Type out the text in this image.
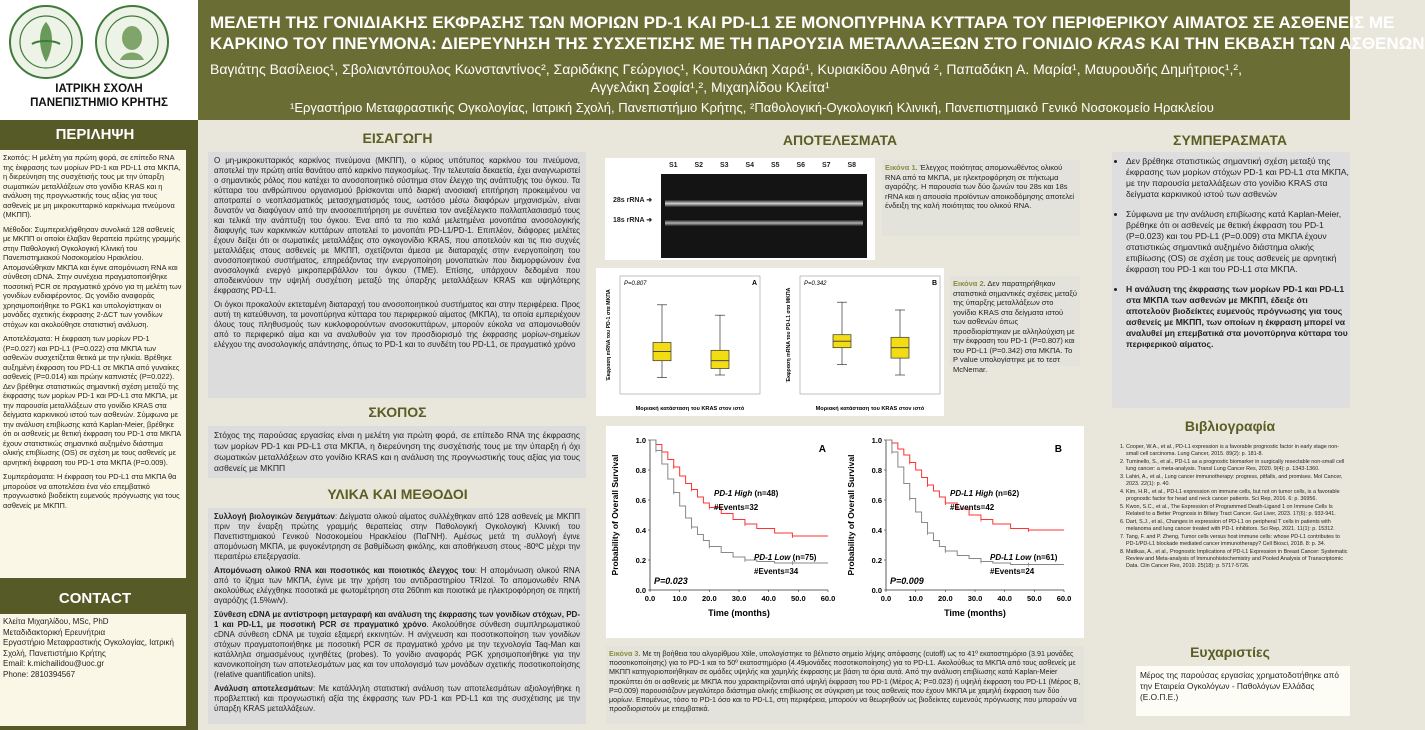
ΙΑΤΡΙΚΗ ΣΧΟΛΗ
ΠΑΝΕΠΙΣΤΗΜΙΟ ΚΡΗΤΗΣ
ΜΕΛΕΤΗ ΤΗΣ ΓΟΝΙΔΙΑΚΗΣ ΕΚΦΡΑΣΗΣ ΤΩΝ ΜΟΡΙΩΝ PD-1 ΚΑΙ PD-L1 ΣΕ ΜΟΝΟΠΥΡΗΝΑ ΚΥΤΤΑΡΑ ΤΟΥ ΠΕΡΙΦΕΡΙΚΟΥ ΑΙΜΑΤΟΣ ΣΕ ΑΣΘΕΝΕΙΣ ΜΕ
ΚΑΡΚΙΝΟ ΤΟΥ ΠΝΕΥΜΟΝΑ: ΔΙΕΡΕΥΝΗΣΗ ΤΗΣ ΣΥΣΧΕΤΙΣΗΣ ΜΕ ΤΗ ΠΑΡΟΥΣΙΑ ΜΕΤΑΛΛΑΞΕΩΝ ΣΤΟ ΓΟΝΙΔΙΟ KRAS ΚΑΙ ΤΗΝ ΕΚΒΑΣΗ ΤΩΝ ΑΣΘΕΝΩΝ
Βαγιάτης Βασίλειος¹, Σβολιαντόπουλος Κωνσταντίνος², Σαριδάκης Γεώργιος¹, Κουτουλάκη Χαρά¹, Κυριακίδου Αθηνά ², Παπαδάκη Α. Μαρία¹, Μαυρουδής Δημήτριος¹,²,
Αγγελάκη Σοφία¹,², Μιχαηλίδου Κλείτα¹
¹Εργαστήριο Μεταφραστικής Ογκολογίας, Ιατρική Σχολή, Πανεπιστήμιο Κρήτης, ²Παθολογική-Ογκολογική Κλινική, Πανεπιστημιακό Γενικό Νοσοκομείο Ηρακλείου
ΠΕΡΙΛΗΨΗ

Σκοπός: Η μελέτη για πρώτη φορά, σε επίπεδο RNA της έκφρασης των μορίων PD-1 και PD-L1 στα ΜΚΠΑ, η διερεύνηση της συσχέτισής τους με την ύπαρξη σωματικών μεταλλάξεων στο γονίδιο KRAS και η ανάλυση της προγνωστικής τους αξίας για τους ασθενείς με μη μικροκυτταρικό καρκίνωμα πνεύμονα (ΜΚΠΠ).

Μέθοδοι: Συμπεριελήφθησαν συνολικά 128 ασθενείς με ΜΚΠΠ οι οποίοι έλαβαν θεραπεία πρώτης γραμμής στην Παθολογική Ογκολογική Κλινική του Πανεπιστημιακού Νοσοκομείου Ηρακλείου. Απομονώθηκαν ΜΚΠΑ και έγινε απομόνωση RNA και σύνθεση cDNA. Στην συνέχεια πραγματοποιήθηκε ποσοτική PCR σε πραγματικό χρόνο για τη μελέτη των γονιδίων ενδιαφέροντος. Ως γονίδιο αναφοράς χρησιμοποιήθηκε το PGK1 και υπολογίστηκαν οι μονάδες σχετικής έκφρασης 2-ΔCT των γονιδίων στόχων και ακολούθησε στατιστική ανάλυση.

Αποτελέσματα: Η έκφραση των μορίων PD-1 (P=0.027) και PD-L1 (P=0.022) στα ΜΚΠΑ των ασθενών συσχετίζεται θετικά με την ηλικία. Βρέθηκε αυξημένη έκφραση του PD-L1 σε ΜΚΠΑ από γυναίκες ασθενείς (P=0.014) και πρώην καπνιστές (P=0.022). Δεν βρέθηκε στατιστικώς σημαντική σχέση μεταξύ της έκφρασης των μορίων PD-1 και PD-L1 στα ΜΚΠΑ, με την παρουσία μεταλλάξεων στο γονίδιο KRAS στα δείγματα καρκινικού ιστού των ασθενών. Σύμφωνα με την ανάλυση επιβίωσης κατά Kaplan-Meier, βρέθηκε ότι οι ασθενείς με θετική έκφραση του PD-1 στα ΜΚΠΑ έχουν στατιστικώς σημαντικά αυξημένο διάστημα ολικής επιβίωσης (OS) σε σχέση με τους ασθενείς με αρνητική έκφραση του PD-1 στα ΜΚΠΑ (P=0.009).

Συμπεράσματα: Η έκφραση του PD-L1 στα ΜΚΠΑ θα μπορούσε να αποτελέσει ένα νέο επεμβατικό προγνωστικό βιοδείκτη ευμενούς πρόγνωσης για τους ασθενείς με ΜΚΠΠ.

CONTACT
Κλείτα Μιχαηλίδου, MSc, PhD
Μεταδιδακτορική Ερευνήτρια
Εργαστήριο Μεταφραστικής Ογκολογίας, Ιατρική Σχολή, Πανεπιστήμιο Κρήτης
Email: k.michailidou@uoc.gr
Phone: 2810394567
ΕΙΣΑΓΩΓΗ

Ο μη-μικροκυτταρικός καρκίνος πνεύμονα (ΜΚΠΠ), ο κύριος υπότυπος καρκίνου του πνεύμονα, αποτελεί την πρώτη αιτία θανάτου από καρκίνο παγκοσμίως. Την τελευταία δεκαετία, έχει αναγνωριστεί ο σημαντικός ρόλος που κατέχει το ανοσοποιητικό σύστημα στον έλεγχο της ανάπτυξης του όγκου. Τα κύτταρα του ανθρώπινου οργανισμού βρίσκονται υπό διαρκή ανοσιακή επιτήρηση προκειμένου να αποτραπεί ο νεοπλασματικός μετασχηματισμός τους, ωστόσο μέσω διαφόρων μηχανισμών, είναι δυνατόν να διαφύγουν από την ανοσοεπιτήρηση με συνέπεια τον ανεξέλεγκτο πολλαπλασιασμό τους και τελικά την ανάπτυξη του όγκου. Ένα από τα πιο καλά μελετημένα μονοπάτια ανοσολογικής διαφυγής των καρκινικών κυττάρων αποτελεί το μονοπάτι PD-L1/PD-1. Επιπλέον, διάφορες μελέτες έχουν δείξει ότι οι σωματικές μεταλλάξεις στο ογκογονίδιο KRAS, που αποτελούν και τις πιο συχνές μεταλλάξεις στους ασθενείς με ΜΚΠΠ, σχετίζονται άμεσα με διαταραχές στην ενεργοποίηση του ανοσοποιητικού συστήματος, επηρεάζοντας την ενεργοποίηση μονοπατιών που διαμορφώνουν ένα ανοσολογικά ενεργό μικροπεριβάλλον του όγκου (TME). Επίσης, υπάρχουν δεδομένα που αποδεικνύουν την υψηλή συσχέτιση μεταξύ της ύπαρξης μεταλλάξεων KRAS και υψηλότερης έκφρασης PD-L1.

Οι όγκοι προκαλούν εκτεταμένη διαταραχή του ανοσοποιητικού συστήματος και στην περιφέρεια. Προς αυτή τη κατεύθυνση, τα μονοπύρηνα κύτταρα του περιφερικού αίματος (ΜΚΠΑ), τα οποία εμπεριέχουν όλους τους πληθυσμούς των κυκλοφορούντων ανοσοκυττάρων, μπορούν εύκολα να απομονωθούν από το περιφερικό αίμα και να αναλυθούν για τον προσδιορισμό της έκφρασης μορίων-σημείων ελέγχου της ανοσολογικής απάντησης, όπως το PD-1 και το συνδέτη του PD-L1, σε πραγματικό χρόνο

ΣΚΟΠΟΣ
Στόχος της παρούσας εργασίας είναι η μελέτη για πρώτη φορά, σε επίπεδο RNA της έκφρασης των μορίων PD-1 και PD-L1 στα ΜΚΠΑ, η διερεύνηση της συσχέτισής τους με την ύπαρξη ή όχι σωματικών μεταλλάξεων στο γονίδιο KRAS και η ανάλυση της προγνωστικής τους αξίας για τους ασθενείς με ΜΚΠΠ
ΥΛΙΚΑ ΚΑΙ ΜΕΘΟΔΟΙ

Συλλογή βιολογικών δειγμάτων: Δείγματα ολικού αίματος συλλέχθηκαν από 128 ασθενείς με ΜΚΠΠ πριν την έναρξη πρώτης γραμμής θεραπείας στην Παθολογική Ογκολογική Κλινική του Πανεπιστημιακού Γενικού Νοσοκομείου Ηρακλείου (ΠαΓΝΗ). Αμέσως μετά τη συλλογή έγινε απομόνωση ΜΚΠΑ, με φυγοκέντρηση σε βαθμίδωση φικόλης, και αποθήκευση στους -80ºC μέχρι την περαιτέρω επεξεργασία.

Απομόνωση ολικού RNA και ποσοτικός και ποιοτικός έλεγχος του: Η απομόνωση ολικού RNA από το ίζημα των ΜΚΠΑ, έγινε με την χρήση του αντιδραστηρίου TRIzol. Το απομονωθέν RNA ακολούθως ελέγχθηκε ποσοτικά με φωτομέτρηση στα 260nm και ποιοτικά με ηλεκτροφόρηση σε πηκτή αγαρόζης (1.5%w/v).

Σύνθεση cDNA με αντίστροφη μεταγραφή και ανάλυση της έκφρασης των γονιδίων στόχων, PD-1 και PD-L1, με ποσοτική PCR σε πραγματικό χρόνο. Ακολούθησε σύνθεση συμπληρωματικού cDNA σύνθεση cDNA με τυχαία εξαμερή εκκινητών. Η ανίχνευση και ποσοτικοποίηση των γονιδίων στόχων πραγματοποιήθηκε με ποσοτική PCR σε πραγματικό χρόνο με την τεχνολογία Taq-Man και κατάλληλα σημασμένους ιχνηθέτες (probes). Το γονίδιο αναφοράς PGK χρησιμοποιήθηκε για την κανονικοποίηση των αποτελεσμάτων μας και τον υπολογισμό των μονάδων σχετικής ποσοτικοποίησης (relative quantification units).

Ανάλυση αποτελεσμάτων: Με κατάλληλη στατιστική ανάλυση των αποτελεσμάτων αξιολογήθηκε η προβλεπτική και προγνωστική αξία της έκφρασης των PD-1 και PD-L1 και της συσχέτισης με την ύπαρξη KRAS μεταλλάξεων.

ΑΠΟΤΕΛΕΣΜΑΤΑ
S1 S2 S3 S4 S5 S6 S7 S8
28s rRNA ➜
18s rRNA ➜
Εικόνα 1. Έλεγχος ποιότητας απομονωθέντος ολικού RNA από τα ΜΚΠΑ, με ηλεκτροφόρηση σε πήκτωμα αγαρόζης. Η παρουσία των δύο ζωνών του 28s και 18s rRNA και η απουσία προϊόντων αποικοδόμησης αποτελεί ένδειξη της καλή ποιότητας του ολικού RNA.
P=0.807	A
Έκφραση mRNA του PD-1 στα ΜΚΠΑ
Μοριακή κατάσταση του KRAS στον ιστό
P=0.342	B
Έκφραση mRNA του PD-L1 στα ΜΚΠΑ
Μοριακή κατάσταση του KRAS στον ιστό
Εικόνα 2. Δεν παρατηρήθηκαν στατιστικά σημαντικές σχέσεις μεταξύ της ύπαρξης μεταλλάξεων στο γονίδιο KRAS στα δείγματα ιστού των ασθενών όπως προσδιορίστηκαν με αλληλούχιση με την έκφραση του PD-1 (P=0.807) και του PD-L1 (P=0.342) στα ΜΚΠΑ. Το P value υπολογίστηκε με το τεστ McNemar.
A
0.0
0.2
0.4
0.6
0.8
1.0
0.0 10.0 20.0 30.0 40.0 50.0 60.0
Time (months)
Probability of Overall Survival
P=0.023
PD-1 High (n=48)
#Events=32
PD-1 Low (n=75)
#Events=34
B
0.0
0.2
0.4
0.6
0.8
1.0
0.0 10.0 20.0 30.0 40.0 50.0 60.0
Time (months)
Probability of Overall Survival
P=0.009
PD-L1 High (n=62)
#Events=42
PD-L1 Low (n=61)
#Events=24
Εικόνα 3. Με τη βοήθεια του αλγορίθμου Xtile, υπολογίστηκε το βέλτιστο σημείο λήψης απόφασης (cutoff) ως το 41º εκατοστημόριο (3.91 μονάδες ποσοτικοποίησης) για το PD-1 και το 50º εκατοστημόριο (4.49μονάδες ποσοτικοποίησης) για το PD-L1. Ακολούθως τα ΜΚΠΑ από τους ασθενείς με ΜΚΠΠ κατηγοριοποιήθηκαν σε ομάδες υψηλής και χαμηλής έκφρασης με βάση τα όρια αυτά. Από την ανάλυση επιβίωσης κατά Kaplan-Meier προκύπτει ότι οι ασθενείς με ΜΚΠΑ που χαρακτηρίζονται από υψηλή έκφραση του PD-1 (Μέρος Α; P=0.023) ή υψηλή έκφραση του PD-L1 (Μέρος Β, P=0.009) παρουσιάζουν μεγαλύτερο διάστημα ολικής επιβίωσης σε σύγκριση με τους ασθενείς που έχουν ΜΚΠΑ με χαμηλή έκφραση των δύο μορίων. Επομένως, τόσο το PD-1 όσο και το PD-L1, στη περιφέρεια, μπορούν να θεωρηθούν ως βιοδείκτες ευμενούς πρόγνωσης που μπορούν να προσδιοριστούν με επεμβατικά.
ΣΥΜΠΕΡΑΣΜΑΤΑ
• Δεν βρέθηκε στατιστικώς σημαντική σχέση μεταξύ της έκφρασης των μορίων στόχων PD-1 και PD-L1 στα ΜΚΠΑ, με την παρουσία μεταλλάξεων στο γονίδιο KRAS στα δείγματα καρκινικού ιστού των ασθενών
• Σύμφωνα με την ανάλυση επιβίωσης κατά Kaplan-Meier, βρέθηκε ότι οι ασθενείς με θετική έκφραση του PD-1 (P=0.023) και του PD-L1 (P=0.009) στα ΜΚΠΑ έχουν στατιστικώς σημαντικά αυξημένο διάστημα ολικής επιβίωσης (OS) σε σχέση με τους ασθενείς με αρνητική έκφραση του PD-1 και του PD-L1 στα ΜΚΠΑ.
• Η ανάλυση της έκφρασης των μορίων PD-1 και PD-L1 στα ΜΚΠΑ των ασθενών με ΜΚΠΠ, έδειξε ότι αποτελούν βιοδείκτες ευμενούς πρόγνωσης για τους ασθενείς με ΜΚΠΠ, των οποίων η έκφραση μπορεί να αναλυθεί μη επεμβατικά στα μονοπύρηνα κύτταρα του περιφερικού αίματος.
Βιβλιογραφία
1. Cooper, W.A., et al., PD-L1 expression is a favorable prognostic factor in early stage non-small cell carcinoma. Lung Cancer, 2015. 89(2): p. 181-8.
2. Tuminello, S., et al., PD-L1 as a prognostic biomarker in surgically resectable non-small cell lung cancer: a meta-analysis. Transl Lung Cancer Res, 2020. 9(4): p. 1343-1360.
3. Lahiri, A., et al., Lung cancer immunotherapy: progress, pitfalls, and promises. Mol Cancer, 2023. 22(1): p. 40.
4. Kim, H.R., et al., PD-L1 expression on immune cells, but not on tumor cells, is a favorable prognostic factor for head and neck cancer patients. Sci Rep, 2016. 6: p. 36956.
5. Kwon, S.C., et al., The Expression of Programmed Death-Ligand 1 on Immune Cells Is Related to a Better Prognosis in Biliary Tract Cancer. Gut Liver, 2023. 17(6): p. 933-941.
6. Dart, S.J., et al., Changes in expression of PD-L1 on peripheral T cells in patients with melanoma and lung cancer treated with PD-1 inhibitors. Sci Rep, 2021. 11(1): p. 15312.
7. Tang, F. and P. Zheng, Tumor cells versus host immune cells: whose PD-L1 contributes to PD-1/PD-L1 blockade mediated cancer immunotherapy? Cell Biosci, 2018. 8: p. 34.
8. Matikas, A., et al., Prognostic Implications of PD-L1 Expression in Breast Cancer: Systematic Review and Meta-analysis of Immunohistochemistry and Pooled Analysis of Transcriptomic Data. Clin Cancer Res, 2019. 25(18): p. 5717-5726.
Ευχαριστίες
Μέρος της παρούσας εργασίας χρηματοδοτήθηκε από την Εταιρεία Ογκολόγων - Παθολόγων Ελλάδας (Ε.Ο.Π.Ε.)
